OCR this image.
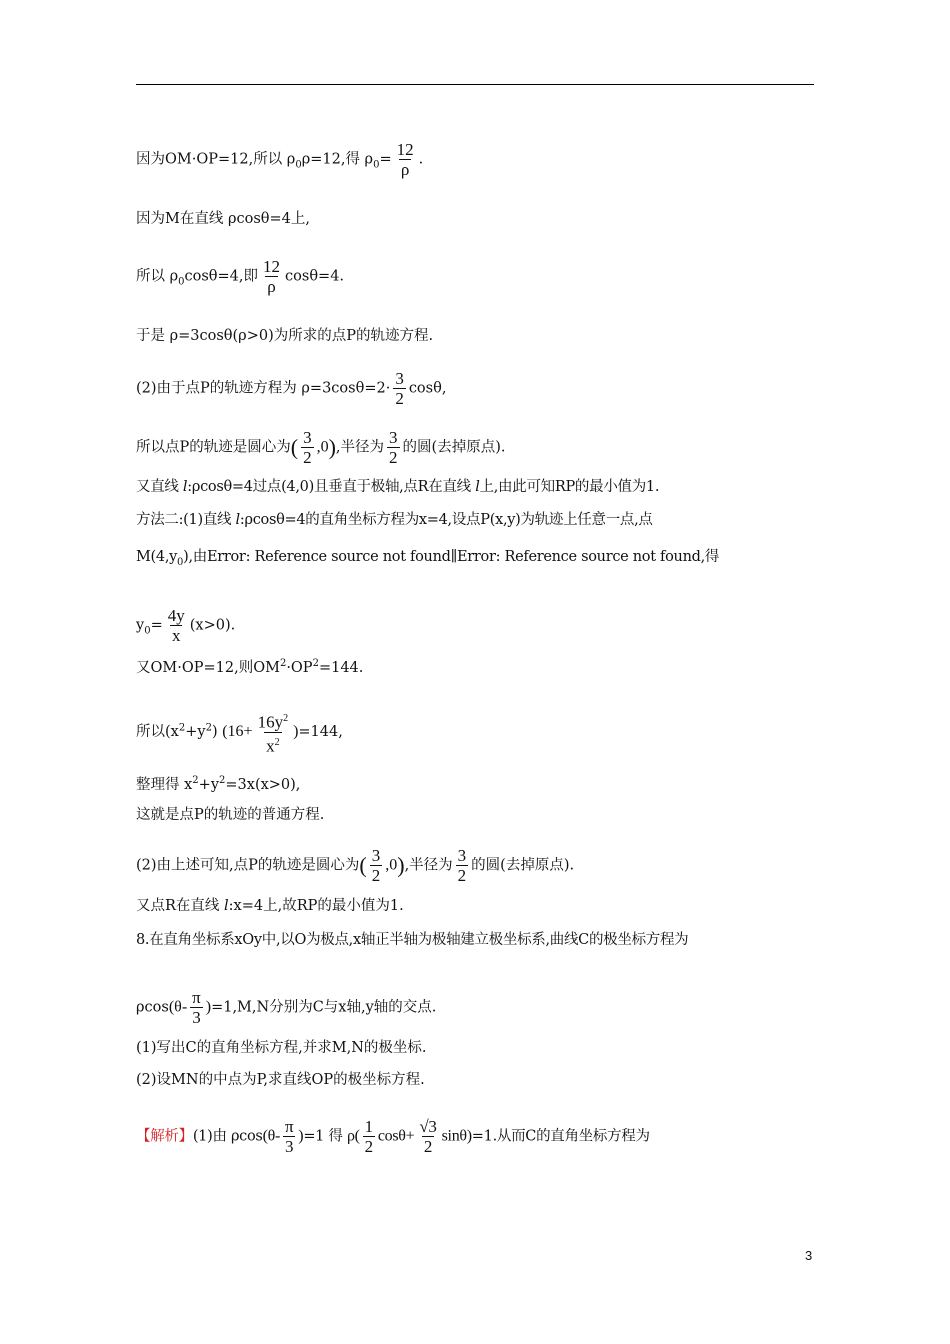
因为OM·OP=12,所以 $\rho_0\rho=12$,得 $\rho_0= \frac{12}{\rho}$ .
因为M在直线 ρcosθ=4上,
所以 $\rho_0\cos\theta=4$,即 $\frac{12}{\rho} \cos\theta=4$.
于是 ρ=3cosθ(ρ>0)为所求的点P的轨迹方程.
(2)由于点P的轨迹方程为 $\rho=3\cos\theta=2\cdot \frac{3}{2} \cos\theta$,
所以点P的轨迹是圆心为( $\frac{3}{2} ,0$),半径为 $\frac{3}{2}$ 的圆(去掉原点).
又直线 l:ρcosθ=4过点(4,0)且垂直于极轴,点R在直线 l上,由此可知RP的最小值为1.
方法二:(1)直线 l:ρcosθ=4的直角坐标方程为x=4,设点P(x,y)为轨迹上任意一点,点
$M(4,y_0)$,由Error: Reference source not found∥Error: Reference source not found,得
$y_0= \frac{4y}{x} (x>0)$.
又OM·OP=12,则$OM^2\cdot OP^2=144$.
所以$(x^2+y^2)$ $(16+ \frac{16y^2}{x^2} )=144$,
整理得 $x^2+y^2=3x(x>0)$,
这就是点P的轨迹的普通方程.
(2)由上述可知,点P的轨迹是圆心为( $\frac{3}{2} ,0$),半径为 $\frac{3}{2}$ 的圆(去掉原点).
又点R在直线 l:x=4上,故RP的最小值为1.
8.在直角坐标系xOy中,以O为极点,x轴正半轴为极轴建立极坐标系,曲线C的极坐标方程为
$\rho\cos(\theta- \frac{\pi}{3} )=1,M,N$分别为C与x轴,y轴的交点.
(1)写出C的直角坐标方程,并求M,N的极坐标.
(2)设MN的中点为P,求直线OP的极坐标方程.
【解析】(1)由 $\rho\cos(\theta- \frac{\pi}{3} )=1$ 得 $\rho( \frac{1}{2} \cos\theta+ \frac{√3}{2} \sin\theta)=1$.从而C的直角坐标方程为
3
